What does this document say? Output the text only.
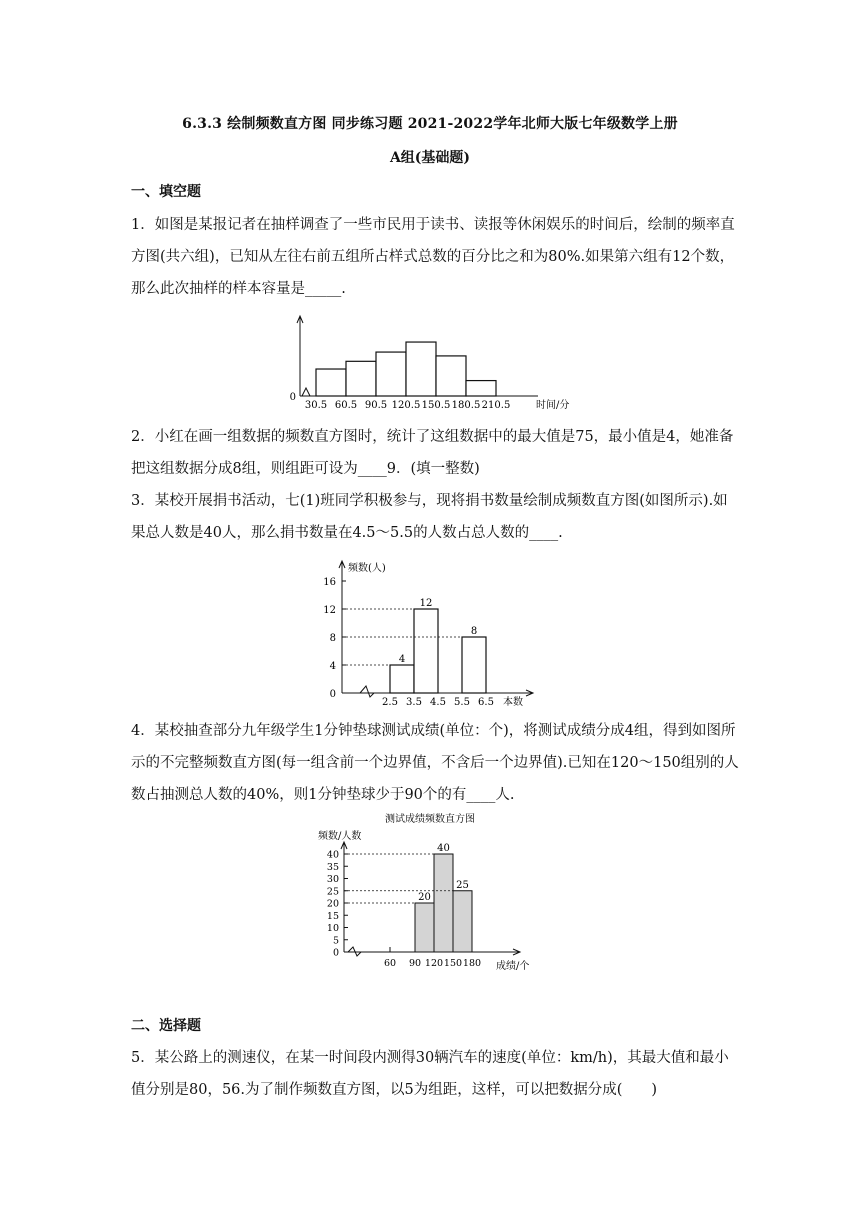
6.3.3 绘制频数直方图 同步练习题 2021-2022学年北师大版七年级数学上册
A组(基础题)
一、填空题

1．如图是某报记者在抽样调查了一些市民用于读书、读报等休闲娱乐的时间后，绘制的频率直方图(共六组)，已知从左往右前五组所占样式总数的百分比之和为80%.如果第六组有12个数，那么此次抽样的样本容量是_____.

0
30.5 60.5 90.5 120.5 150.5 180.5 210.5	时间/分

2．小红在画一组数据的频数直方图时，统计了这组数据中的最大值是75，最小值是4，她准备把这组数据分成8组，则组距可设为____9．(填一整数)

3．某校开展捐书活动，七(1)班同学积极参与，现将捐书数量绘制成频数直方图(如图所示).如果总人数是40人，那么捐书数量在4.5～5.5的人数占总人数的____.

频数(人)
0
4
8
12
16
4
12
8
2.5 3.5 4.5 5.5 6.5 本数

4．某校抽查部分九年级学生1分钟垫球测试成绩(单位：个)，将测试成绩分成4组，得到如图所示的不完整频数直方图(每一组含前一个边界值，不含后一个边界值).已知在120～150组别的人数占抽测总人数的40%，则1分钟垫球少于90个的有____人.

测试成绩频数直方图
频数/人数
0
5
10
15
20
25
30
35
40
20
40
25
60 90 120 150 180 成绩/个
二、选择题

5．某公路上的测速仪，在某一时间段内测得30辆汽车的速度(单位：km/h)，其最大值和最小值分别是80，56.为了制作频数直方图，以5为组距，这样，可以把数据分成(　　)
